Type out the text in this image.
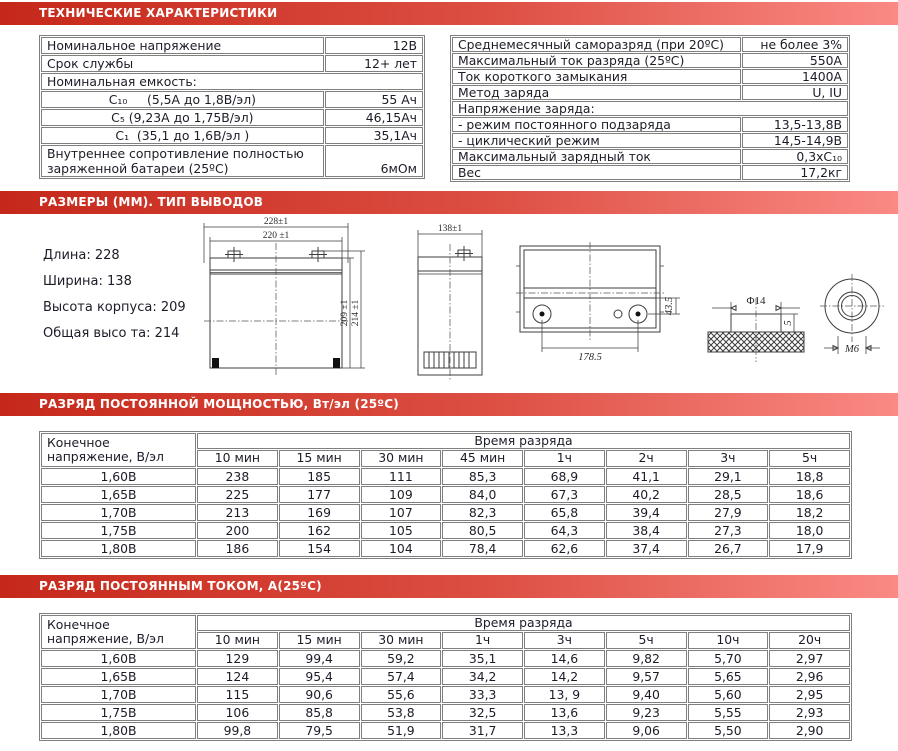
ТЕХНИЧЕСКИЕ ХАРАКТЕРИСТИКИ
Номинальное напряжение	12В
Срок службы	12+ лет
Номинальная емкость:	
С₁₀     (5,5А до 1,8В/эл)	55 Ач
С₅ (9,23А до 1,75В/эл)	46,15Ач
С₁  (35,1 до 1,6В/эл )	35,1Ач
Внутреннее сопротивление полностью заряженной батареи (25ºС)	6мОм
Среднемесячный саморазряд (при 20ºС)	не более 3%
Максимальный ток разряда (25ºС)	550А
Ток короткого замыкания	1400А
Метод заряда	U, IU
Напряжение заряда:	
- режим постоянного подзаряда	13,5-13,8В
- циклический режим	14,5-14,9В
Максимальный зарядный ток	0,3хС₁₀
Вес	17,2кг
РАЗМЕРЫ (ММ). ТИП ВЫВОДОВ
Длина: 228
Ширина: 138
Высота корпуса: 209
Общая высо та: 214
228±1
220 ±1
209 ±1 214 ±1
138±1
178.5
43.5	Φ14
5
M6
РАЗРЯД ПОСТОЯННОЙ МОЩНОСТЬЮ, Вт/эл (25ºС)
Конечное
напряжение, В/эл	Время разряда							
	10 мин	15 мин	30 мин	45 мин	1ч	2ч	3ч	5ч
1,60В	238	185	111	85,3	68,9	41,1	29,1	18,8
1,65В	225	177	109	84,0	67,3	40,2	28,5	18,6
1,70В	213	169	107	82,3	65,8	39,4	27,9	18,2
1,75В	200	162	105	80,5	64,3	38,4	27,3	18,0
1,80В	186	154	104	78,4	62,6	37,4	26,7	17,9
РАЗРЯД ПОСТОЯННЫМ ТОКОМ, А(25ºС)
Конечное
напряжение, В/эл	Время разряда							
	10 мин	15 мин	30 мин	1ч	3ч	5ч	10ч	20ч
1,60В	129	99,4	59,2	35,1	14,6	9,82	5,70	2,97
1,65В	124	95,4	57,4	34,2	14,2	9,57	5,65	2,96
1,70В	115	90,6	55,6	33,3	13, 9	9,40	5,60	2,95
1,75В	106	85,8	53,8	32,5	13,6	9,23	5,55	2,93
1,80В	99,8	79,5	51,9	31,7	13,3	9,06	5,50	2,90
